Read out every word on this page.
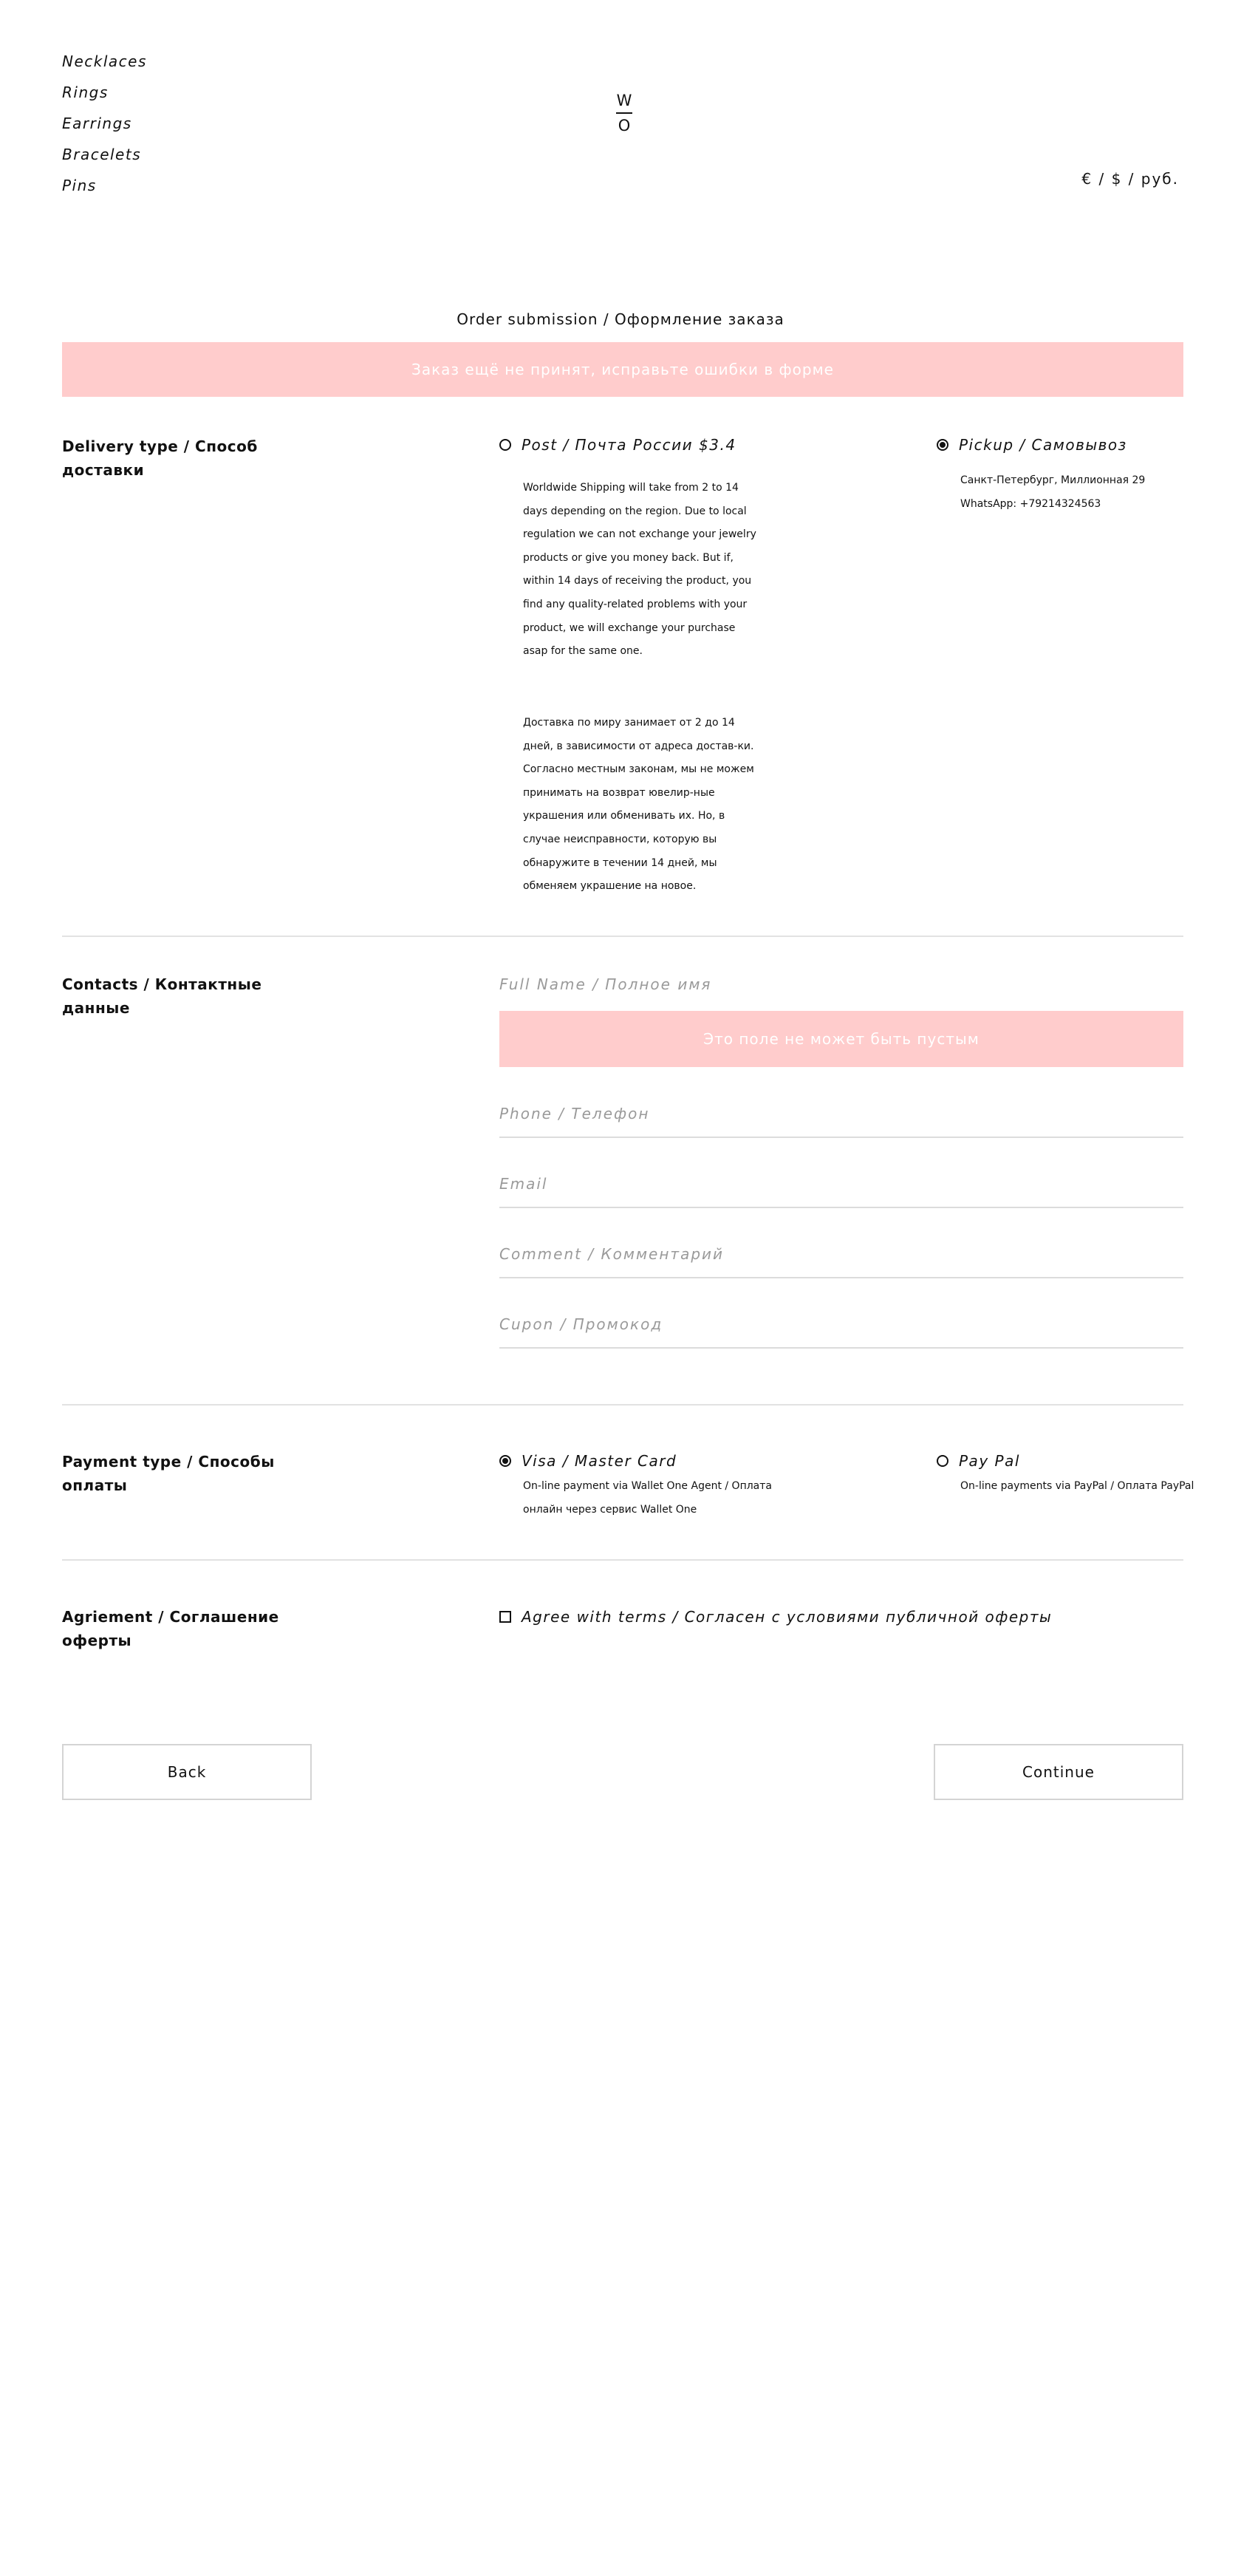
Necklaces
Rings
Earrings
Bracelets
Pins
W
O
€ / $ / руб.
Order submission / Оформление заказа
Заказ ещё не принят, исправьте ошибки в форме
Delivery type / Способ доставки
Post / Почта России $3.4
Worldwide Shipping will take from 2 to 14 days depending on the region. Due to local regulation we can not exchange your jewelry products or give you money back. But if, within 14 days of receiving the product, you find any quality-related problems with your product, we will exchange your purchase asap for the same one.
Доставка по миру занимает от 2 до 14 дней, в зависимости от адреса достав-ки. Согласно местным законам, мы не можем принимать на возврат ювелир-ные украшения или обменивать их. Но, в случае неисправности, которую вы обнаружите в течении 14 дней, мы обменяем украшение на новое.
Pickup / Самовывоз
Санкт-Петербург, Миллионная 29
WhatsApp: +79214324563
Contacts / Контактные данные
Full Name / Полное имя
Это поле не может быть пустым
Phone / Телефон
Email
Comment / Комментарий
Cupon / Промокод
Payment type / Способы оплаты
Visa / Master Card
On-line payment via Wallet One Agent / Оплата онлайн через сервис Wallet One
Pay Pal
On-line payments via PayPal / Оплата PayPal
Agriement / Соглашение оферты
Agree with terms / Согласен с условиями публичной оферты
Back	Continue
